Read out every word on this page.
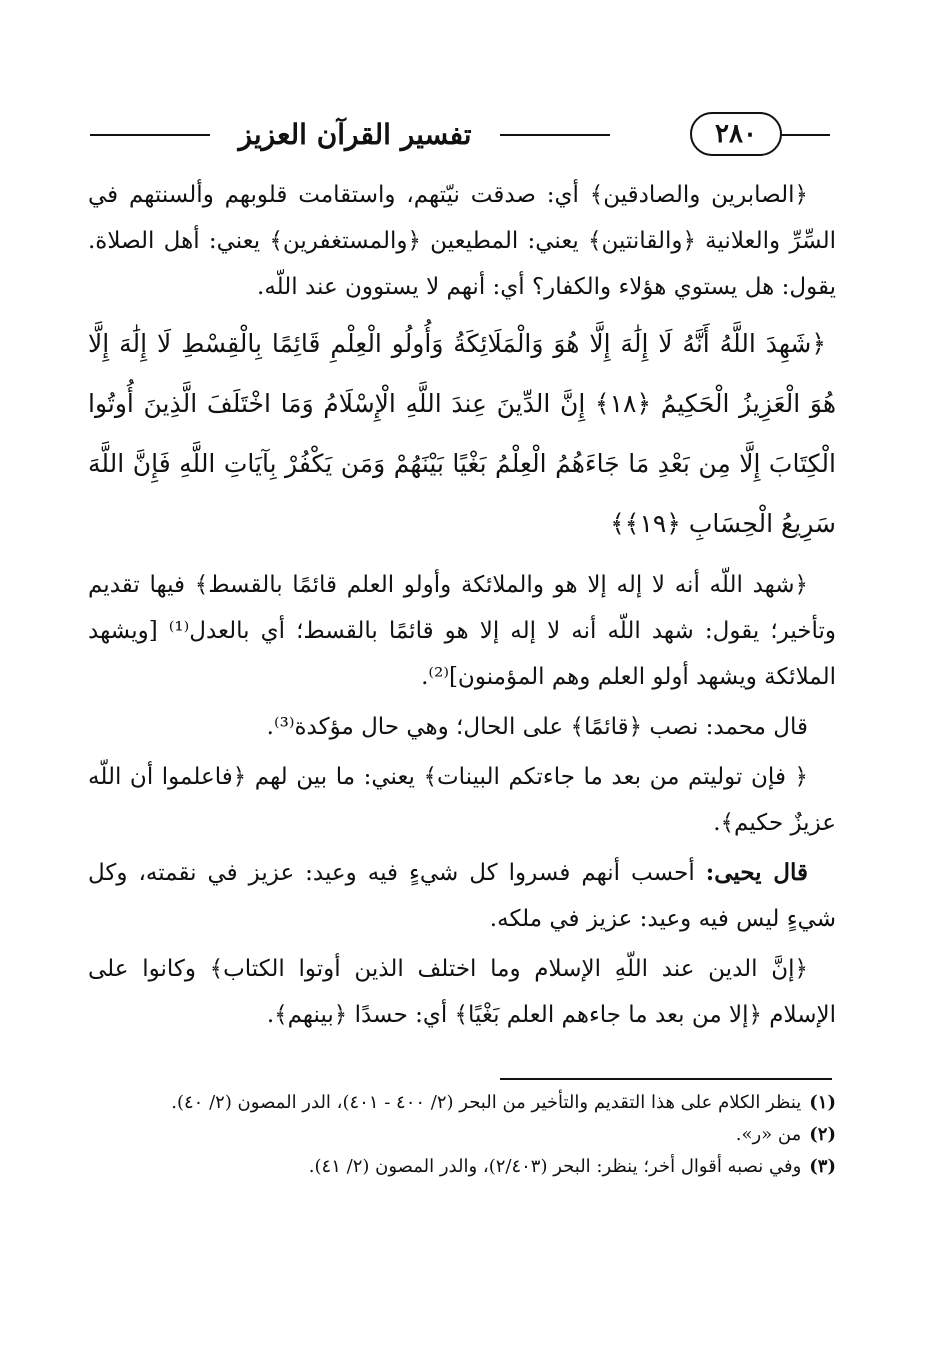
تفسير القرآن العزيز	٢٨٠

﴿الصابرين والصادقين﴾ أي: صدقت نيّتهم، واستقامت قلوبهم وألسنتهم في السِّرِّ والعلانية ﴿والقانتين﴾ يعني: المطيعين ﴿والمستغفرين﴾ يعني: أهل الصلاة. يقول: هل يستوي هؤلاء والكفار؟ أي: أنهم لا يستوون عند اللّه.

﴿شَهِدَ اللَّهُ أَنَّهُ لَا إِلَٰهَ إِلَّا هُوَ وَالْمَلَائِكَةُ وَأُولُو الْعِلْمِ قَائِمًا بِالْقِسْطِ لَا إِلَٰهَ إِلَّا هُوَ الْعَزِيزُ الْحَكِيمُ ﴿١٨﴾ إِنَّ الدِّينَ عِندَ اللَّهِ الْإِسْلَامُ وَمَا اخْتَلَفَ الَّذِينَ أُوتُوا الْكِتَابَ إِلَّا مِن بَعْدِ مَا جَاءَهُمُ الْعِلْمُ بَغْيًا بَيْنَهُمْ وَمَن يَكْفُرْ بِآيَاتِ اللَّهِ فَإِنَّ اللَّهَ سَرِيعُ الْحِسَابِ ﴿١٩﴾﴾

﴿شهد اللّه أنه لا إله إلا هو والملائكة وأولو العلم قائمًا بالقسط﴾ فيها تقديم وتأخير؛ يقول: شهد اللّه أنه لا إله إلا هو قائمًا بالقسط؛ أي بالعدل⁽¹⁾ [ويشهد الملائكة ويشهد أولو العلم وهم المؤمنون]⁽²⁾.

قال محمد: نصب ﴿قائمًا﴾ على الحال؛ وهي حال مؤكدة⁽³⁾.

﴿ فإن توليتم من بعد ما جاءتكم البينات﴾ يعني: ما بين لهم ﴿فاعلموا أن اللّه عزيزٌ حكيم﴾.

قال يحيى: أحسب أنهم فسروا كل شيءٍ فيه وعيد: عزيز في نقمته، وكل شيءٍ ليس فيه وعيد: عزيز في ملكه.

﴿إنَّ الدين عند اللّهِ الإسلام وما اختلف الذين أوتوا الكتاب﴾ وكانوا على الإسلام ﴿إلا من بعد ما جاءهم العلم بَغْيًا﴾ أي: حسدًا ﴿بينهم﴾.

(١)ينظر الكلام على هذا التقديم والتأخير من البحر (٢/ ٤٠٠ - ٤٠١)، الدر المصون (٢/ ٤٠).

(٢)من «ر».

(٣)وفي نصبه أقوال أخر؛ ينظر: البحر (٢/٤٠٣)، والدر المصون (٢/ ٤١).
